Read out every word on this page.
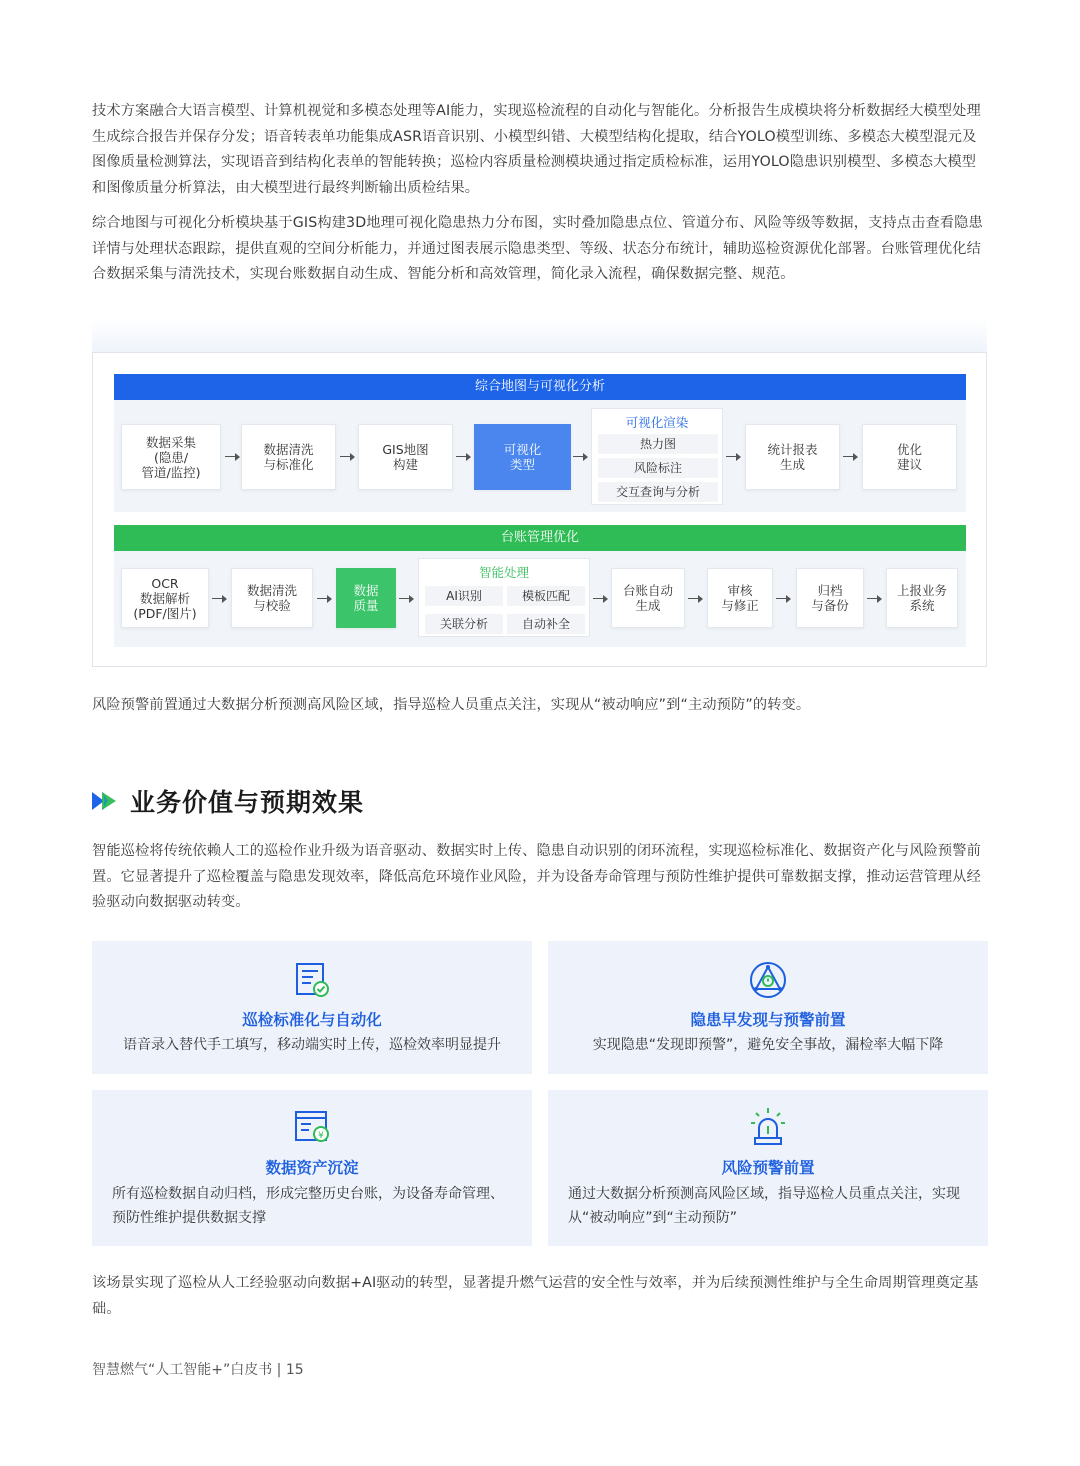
技术方案融合大语言模型、计算机视觉和多模态处理等AI能力，实现巡检流程的自动化与智能化。分析报告生成模块将分析数据经大模型处理生成综合报告并保存分发；语音转表单功能集成ASR语音识别、小模型纠错、大模型结构化提取，结合YOLO模型训练、多模态大模型混元及图像质量检测算法，实现语音到结构化表单的智能转换；巡检内容质量检测模块通过指定质检标准，运用YOLO隐患识别模型、多模态大模型和图像质量分析算法，由大模型进行最终判断输出质检结果。
综合地图与可视化分析模块基于GIS构建3D地理可视化隐患热力分布图，实时叠加隐患点位、管道分布、风险等级等数据，支持点击查看隐患详情与处理状态跟踪，提供直观的空间分析能力，并通过图表展示隐患类型、等级、状态分布统计，辅助巡检资源优化部署。台账管理优化结合数据采集与清洗技术，实现台账数据自动生成、智能分析和高效管理，简化录入流程，确保数据完整、规范。
综合地图与可视化分析
数据采集
(隐患/
管道/监控)
数据清洗
与标准化
GIS地图
构建
可视化
类型
可视化渲染
热力图
风险标注
交互查询与分析
统计报表
生成
优化
建议
台账管理优化
OCR
数据解析
(PDF/图片)
数据清洗
与校验
数据
质量
智能处理
AI识别	模板匹配
关联分析	自动补全
台账自动
生成
审核
与修正
归档
与备份
上报业务
系统
风险预警前置通过大数据分析预测高风险区域，指导巡检人员重点关注，实现从“被动响应”到“主动预防”的转变。
业务价值与预期效果
智能巡检将传统依赖人工的巡检作业升级为语音驱动、数据实时上传、隐患自动识别的闭环流程，实现巡检标准化、数据资产化与风险预警前置。它显著提升了巡检覆盖与隐患发现效率，降低高危环境作业风险，并为设备寿命管理与预防性维护提供可靠数据支撑，推动运营管理从经验驱动向数据驱动转变。
巡检标准化与自动化
语音录入替代手工填写，移动端实时上传，巡检效率明显提升
隐患早发现与预警前置
实现隐患“发现即预警”，避免安全事故，漏检率大幅下降
¥
数据资产沉淀
所有巡检数据自动归档，形成完整历史台账，为设备寿命管理、预防性维护提供数据支撑
风险预警前置
通过大数据分析预测高风险区域，指导巡检人员重点关注，实现从“被动响应”到“主动预防”
该场景实现了巡检从人工经验驱动向数据+AI驱动的转型，显著提升燃气运营的安全性与效率，并为后续预测性维护与全生命周期管理奠定基础。
智慧燃气“人工智能+”白皮书 | 15
